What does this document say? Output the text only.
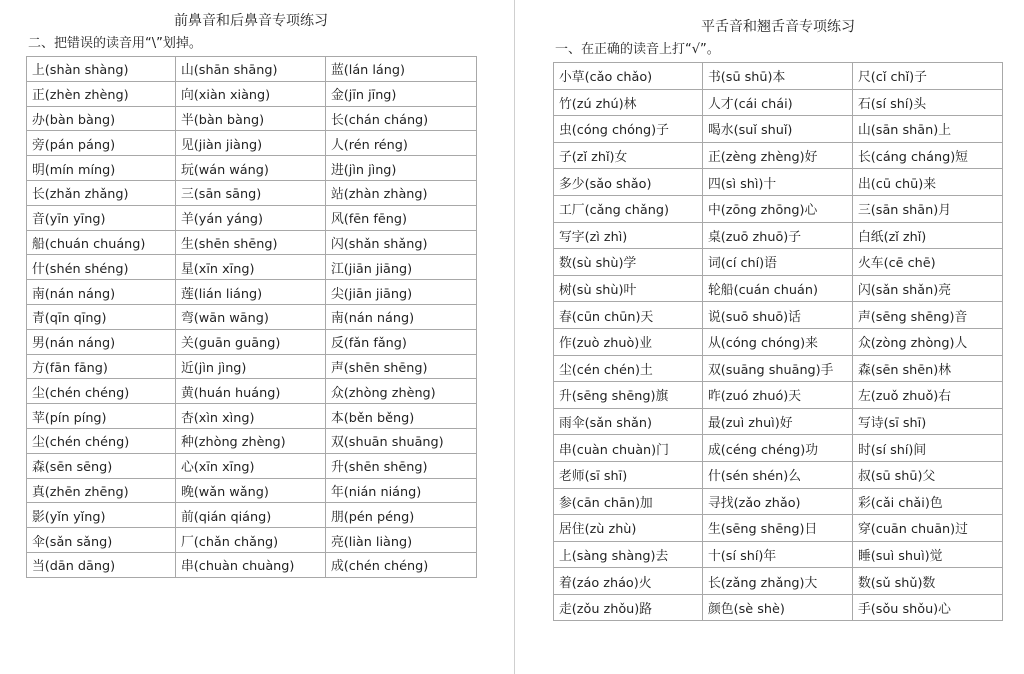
前鼻音和后鼻音专项练习
二、把错误的读音用“\”划掉。
上(shàn shàng)	山(shān shāng)	蓝(lán láng)
正(zhèn zhèng)	向(xiàn xiàng)	金(jīn jīng)
办(bàn bàng)	半(bàn bàng)	长(chán cháng)
旁(pán páng)	见(jiàn jiàng)	人(rén réng)
明(mín míng)	玩(wán wáng)	进(jìn jìng)
长(zhǎn zhǎng)	三(sān sāng)	站(zhàn zhàng)
音(yīn yīng)	羊(yán yáng)	风(fēn fēng)
船(chuán chuáng)	生(shēn shēng)	闪(shǎn shǎng)
什(shén shéng)	星(xīn xīng)	江(jiān jiāng)
南(nán náng)	莲(lián liáng)	尖(jiān jiāng)
青(qīn qīng)	弯(wān wāng)	南(nán náng)
男(nán náng)	关(guān guāng)	反(fǎn fǎng)
方(fān fāng)	近(jìn jìng)	声(shēn shēng)
尘(chén chéng)	黄(huán huáng)	众(zhòng zhèng)
苹(pín píng)	杏(xìn xìng)	本(běn běng)
尘(chén chéng)	种(zhòng zhèng)	双(shuān shuāng)
森(sēn sēng)	心(xīn xīng)	升(shēn shēng)
真(zhēn zhēng)	晚(wǎn wǎng)	年(nián niáng)
影(yǐn yǐng)	前(qián qiáng)	朋(pén péng)
伞(sǎn sǎng)	厂(chǎn chǎng)	亮(liàn liàng)
当(dān dāng)	串(chuàn chuàng)	成(chén chéng)
平舌音和翘舌音专项练习
一、在正确的读音上打“√”。
小草(cǎo chǎo)	书(sū shū)本	尺(cǐ chǐ)子
竹(zú zhú)林	人才(cái chái)	石(sí shí)头
虫(cóng chóng)子	喝水(suǐ shuǐ)	山(sān shān)上
子(zǐ zhǐ)女	正(zèng zhèng)好	长(cáng cháng)短
多少(sǎo shǎo)	四(sì shì)十	出(cū chū)来
工厂(cǎng chǎng)	中(zōng zhōng)心	三(sān shān)月
写字(zì zhì)	桌(zuō zhuō)子	白纸(zǐ zhǐ)
数(sù shù)学	词(cí chí)语	火车(cē chē)
树(sù shù)叶	轮船(cuán chuán)	闪(sǎn shǎn)亮
春(cūn chūn)天	说(suō shuō)话	声(sēng shēng)音
作(zuò zhuò)业	从(cóng chóng)来	众(zòng zhòng)人
尘(cén chén)土	双(suāng shuāng)手	森(sēn shēn)林
升(sēng shēng)旗	昨(zuó zhuó)天	左(zuǒ zhuǒ)右
雨伞(sǎn shǎn)	最(zuì zhuì)好	写诗(sī shī)
串(cuàn chuàn)门	成(céng chéng)功	时(sí shí)间
老师(sī shī)	什(sén shén)么	叔(sū shū)父
参(cān chān)加	寻找(zǎo zhǎo)	彩(cǎi chǎi)色
居住(zù zhù)	生(sēng shēng)日	穿(cuān chuān)过
上(sàng shàng)去	十(sí shí)年	睡(suì shuì)觉
着(záo zháo)火	长(zǎng zhǎng)大	数(sǔ shǔ)数
走(zǒu zhǒu)路	颜色(sè shè)	手(sǒu shǒu)心
